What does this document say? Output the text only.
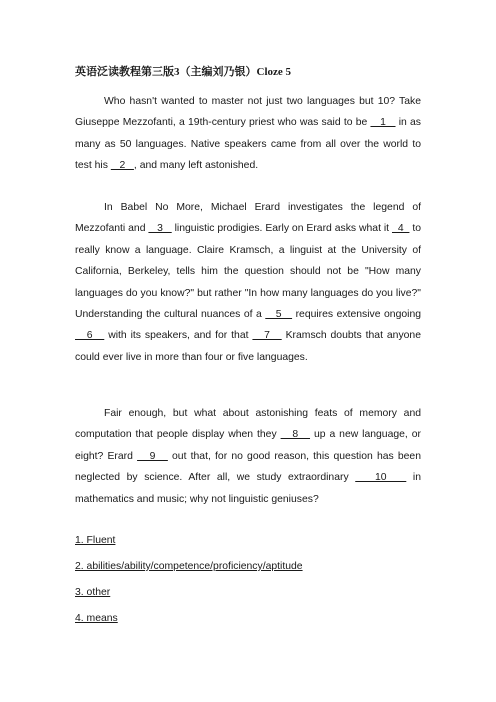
英语泛读教程第三版3（主编刘乃银）Cloze 5
Who hasn't wanted to master not just two languages but 10? Take Giuseppe Mezzofanti, a 19th-century priest who was said to be    1    in as many as 50 languages. Native speakers came from all over the world to test his    2   , and many left astonished.
In Babel No More, Michael Erard investigates the legend of Mezzofanti and    3    linguistic prodigies. Early on Erard asks what it   4   to really know a language. Claire Kramsch, a linguist at the University of California, Berkeley, tells him the question should not be "How many languages do you know?" but rather "In how many languages do you live?" Understanding the cultural nuances of a    5    requires extensive ongoing    6    with its speakers, and for that    7    Kramsch doubts that anyone could ever live in more than four or five languages.
Fair enough, but what about astonishing feats of memory and computation that people display when they    8    up a new language, or eight? Erard    9    out that, for no good reason, this question has been neglected by science. After all, we study extraordinary    10    in mathematics and music; why not linguistic geniuses?
1. Fluent
2. abilities/ability/competence/proficiency/aptitude
3. other
4. means
